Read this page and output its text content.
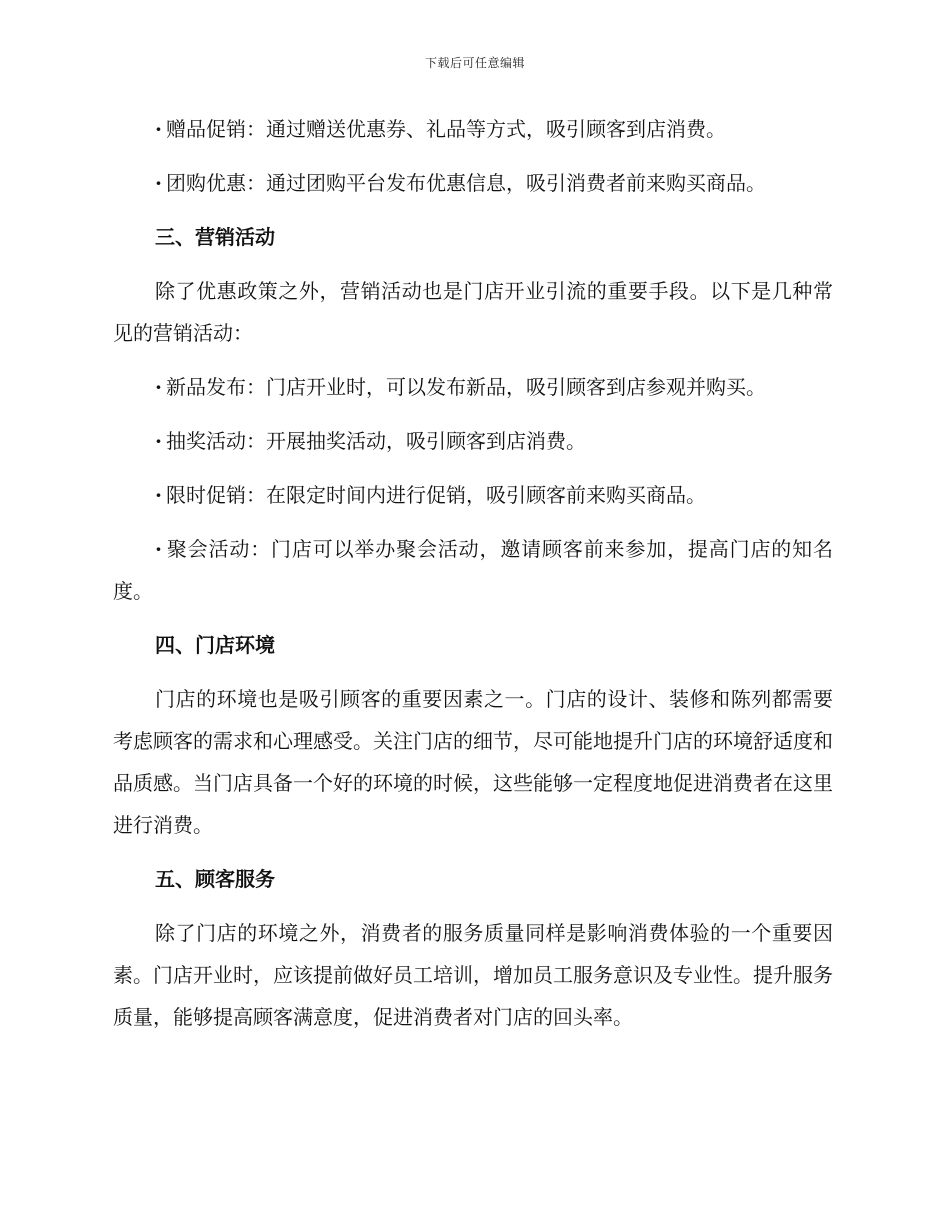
下载后可任意编辑

· 赠品促销：通过赠送优惠券、礼品等方式，吸引顾客到店消费。

· 团购优惠：通过团购平台发布优惠信息，吸引消费者前来购买商品。

三、营销活动

除了优惠政策之外，营销活动也是门店开业引流的重要手段。以下是几种常见的营销活动：

· 新品发布：门店开业时，可以发布新品，吸引顾客到店参观并购买。

· 抽奖活动：开展抽奖活动，吸引顾客到店消费。

· 限时促销：在限定时间内进行促销，吸引顾客前来购买商品。

· 聚会活动：门店可以举办聚会活动，邀请顾客前来参加，提高门店的知名度。

四、门店环境

门店的环境也是吸引顾客的重要因素之一。门店的设计、装修和陈列都需要考虑顾客的需求和心理感受。关注门店的细节，尽可能地提升门店的环境舒适度和品质感。当门店具备一个好的环境的时候，这些能够一定程度地促进消费者在这里进行消费。

五、顾客服务

除了门店的环境之外，消费者的服务质量同样是影响消费体验的一个重要因素。门店开业时，应该提前做好员工培训，增加员工服务意识及专业性。提升服务质量，能够提高顾客满意度，促进消费者对门店的回头率。
